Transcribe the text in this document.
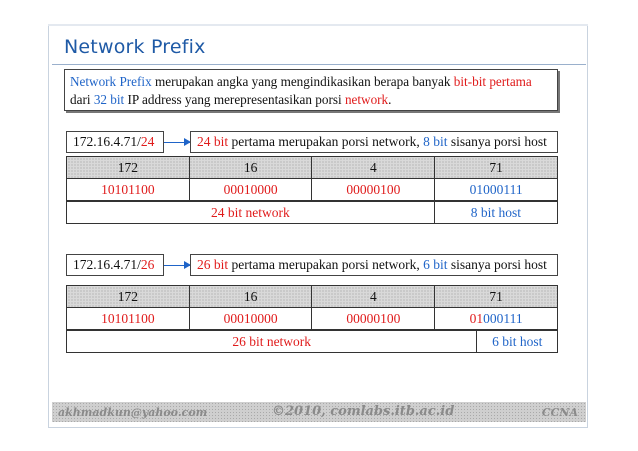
Network Prefix
Network Prefix merupakan angka yang mengindikasikan berapa banyak bit-bit pertama
dari 32 bit IP address yang merepresentasikan porsi network.
172.16.4.71/24	24 bit pertama merupakan porsi network, 8 bit sisanya porsi host
172	16	4	71
10101100	00010000	00000100	01000111
24 bit network	8 bit host
172.16.4.71/26	26 bit pertama merupakan porsi network, 6 bit sisanya porsi host
172	16	4	71
10101100	00010000	00000100	01000111
26 bit network	6 bit host
akhmadkun@yahoo.com	©2010, comlabs.itb.ac.id	CCNA
